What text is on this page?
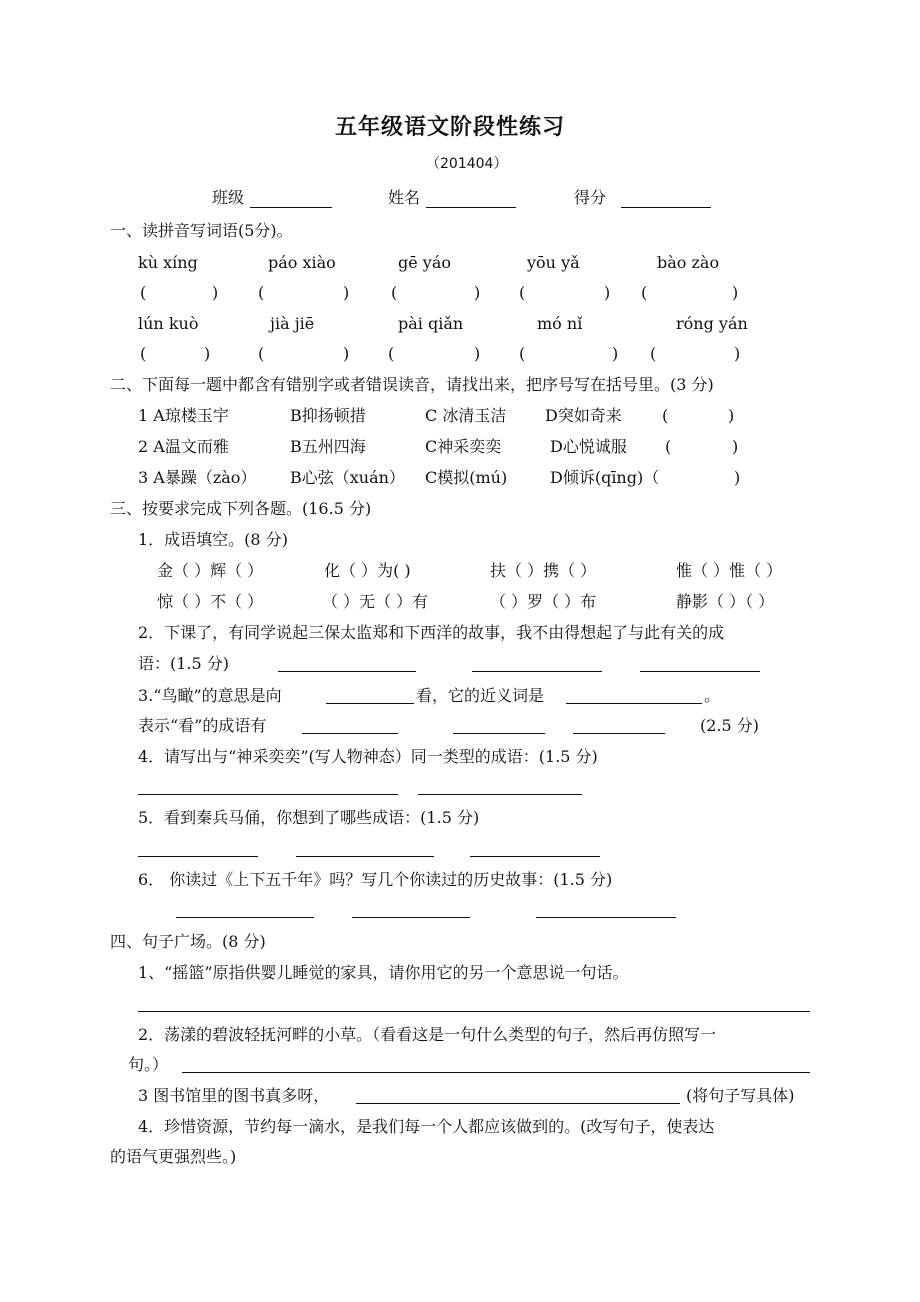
五年级语文阶段性练习
（201404）
班级	姓名	得分
一、读拼音写词语(5分)。
kù xíng	páo xiào	gē yáo	yōu yǎ	bào zào
(	) (	)	(	) (	) (	)
lún kuò	jià jiē	pài qiǎn	mó nǐ	róng yán
(	)	(	) (	) (	) (	)
二、下面每一题中都含有错别字或者错误读音，请找出来，把序号写在括号里。(3 分)
1 A琼楼玉宇	B抑扬顿措	C 冰清玉洁 D突如奇来	(	)
2 A温文而雅	B五州四海	C神采奕奕	D心悦诚服 (	)
3 A暴躁（zào） B心弦（xuán） C模拟(mú)	D倾诉(qīng)（	)
三、按要求完成下列各题。(16.5 分)
1．成语填空。(8 分)
金（ ）辉（ ）	化（ ）为( )	扶（ ）携（ ）	惟（ ）惟（ ）
惊（ ）不（ ）	（ ）无（ ）有	（ ）罗（ ）布	静影（ ）（ ）
2．下课了，有同学说起三保太监郑和下西洋的故事，我不由得想起了与此有关的成
语：(1.5 分)
3.“鸟瞰”的意思是向	看，它的近义词是	。
表示“看”的成语有	(2.5 分)
4．请写出与“神采奕奕”(写人物神态）同一类型的成语：(1.5 分)
5．看到秦兵马俑，你想到了哪些成语：(1.5 分)
6． 你读过《上下五千年》吗？写几个你读过的历史故事：(1.5 分)
四、句子广场。(8 分)
1、“摇篮”原指供婴儿睡觉的家具，请你用它的另一个意思说一句话。
2．荡漾的碧波轻抚河畔的小草。（看看这是一句什么类型的句子，然后再仿照写一
句。）
3 图书馆里的图书真多呀，	(将句子写具体)
4．珍惜资源，节约每一滴水，是我们每一个人都应该做到的。(改写句子，使表达
的语气更强烈些。)
